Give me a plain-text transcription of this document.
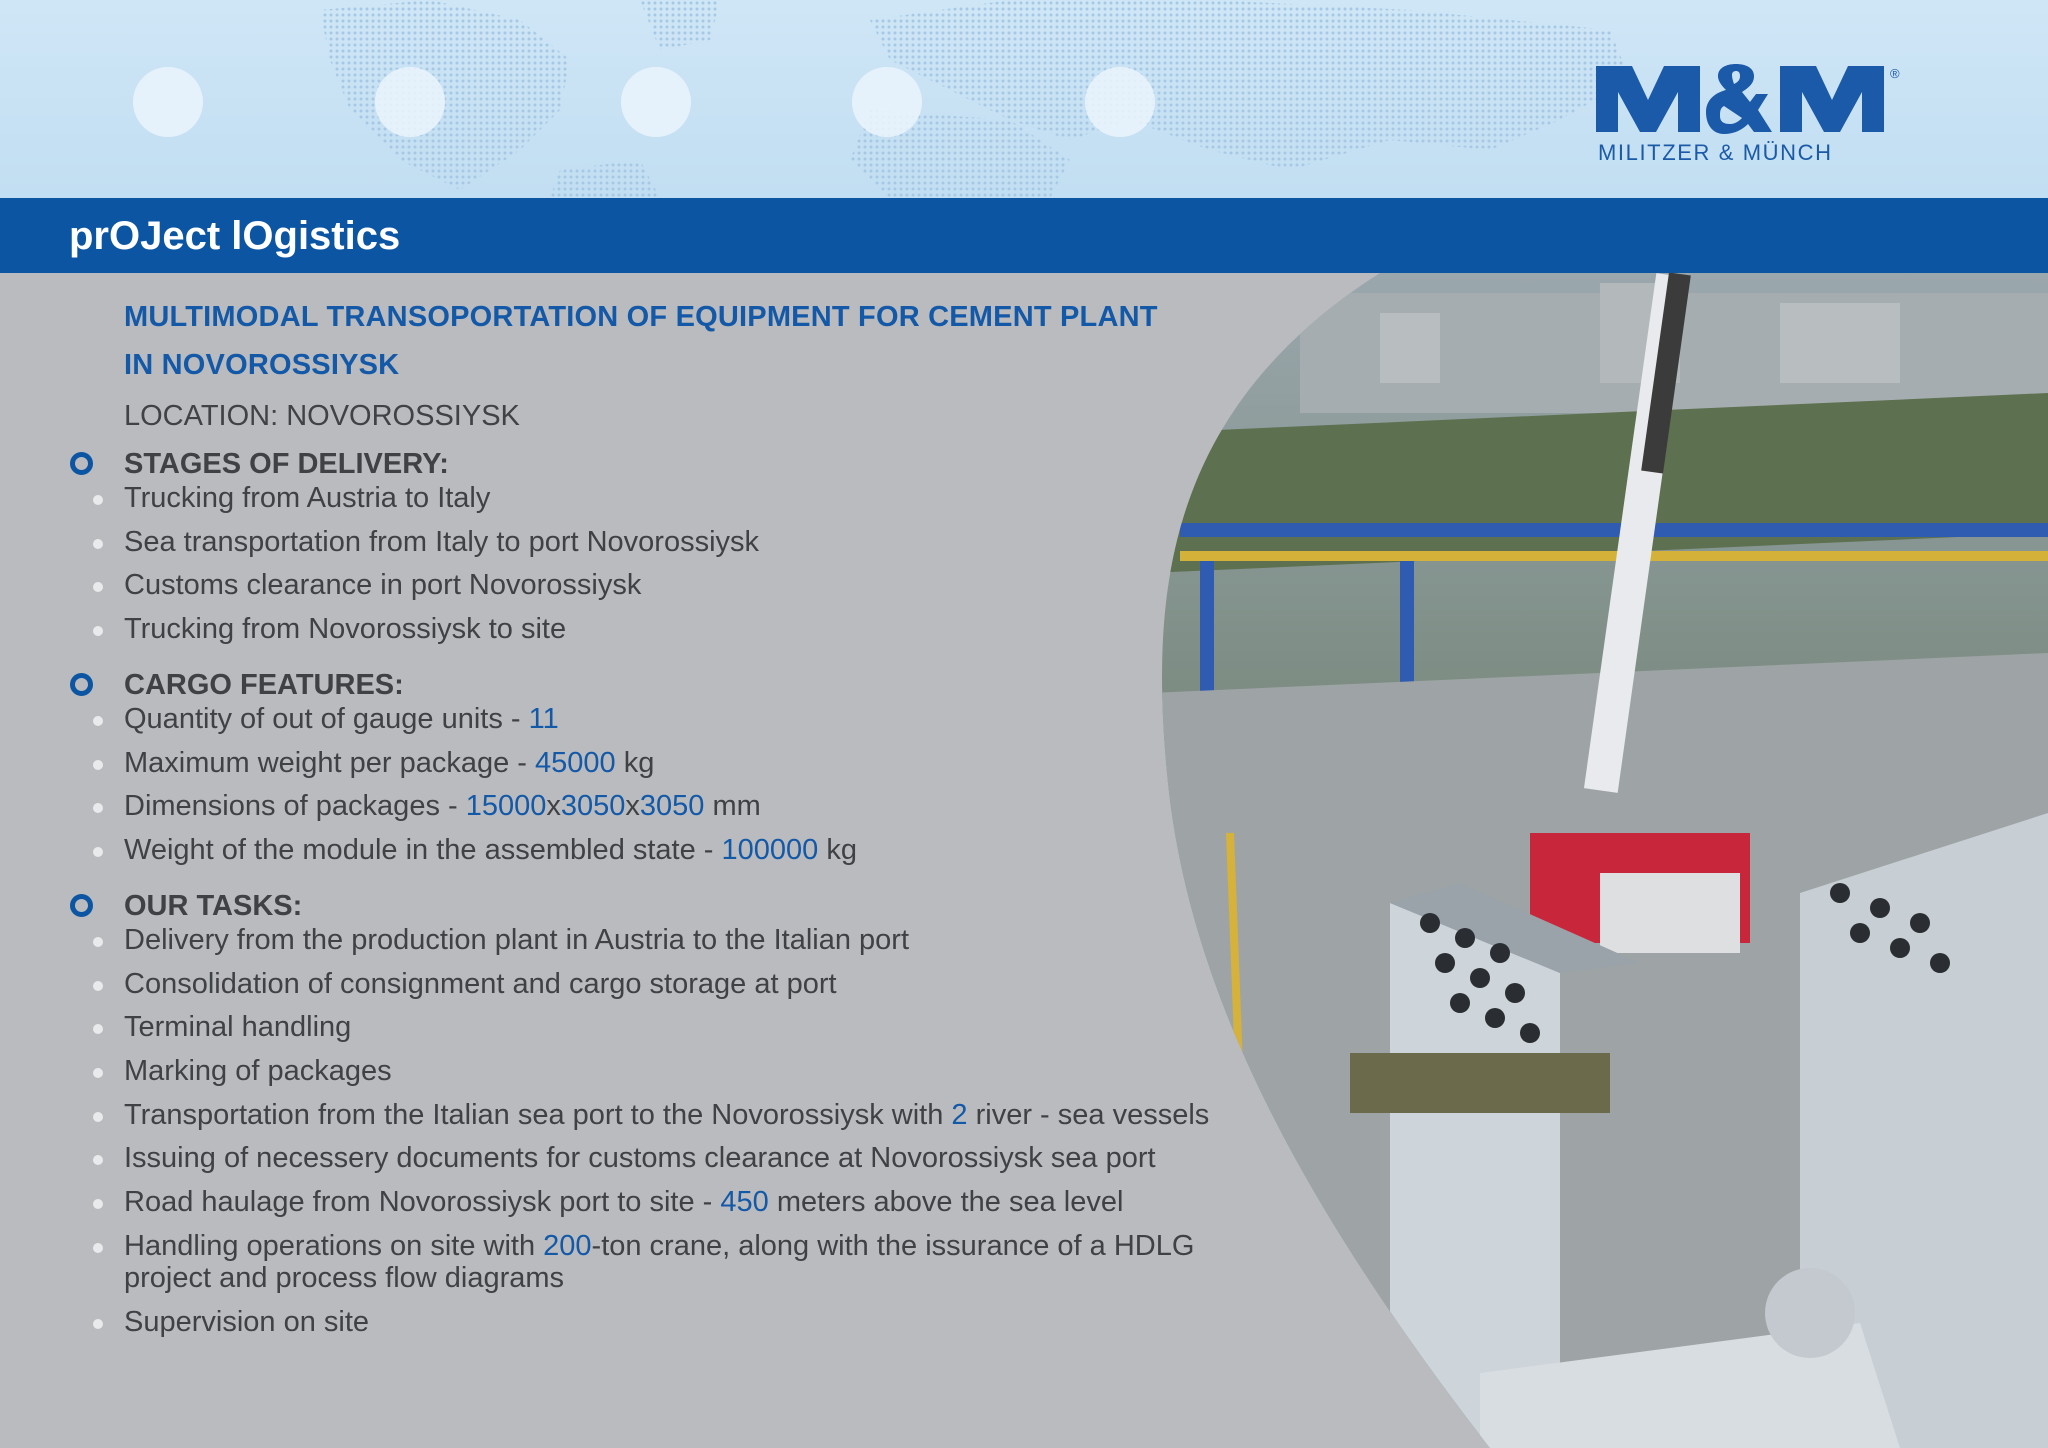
®
MILITZER & MÜNCH
prOJect lOgistics
MULTIMODAL TRANSOPORTATION OF EQUIPMENT FOR CEMENT PLANT
IN NOVOROSSIYSK
LOCATION: NOVOROSSIYSK
STAGES OF DELIVERY:
Trucking from Austria to Italy
Sea transportation from Italy to port Novorossiysk
Customs clearance in port Novorossiysk
Trucking from Novorossiysk to site
CARGO FEATURES:
Quantity of out of gauge units - 11
Maximum weight per package - 45000 kg
Dimensions of packages - 15000x3050x3050 mm
Weight of the module in the assembled state - 100000 kg
OUR TASKS:
Delivery from the production plant in Austria to the Italian port
Consolidation of consignment and cargo storage at port
Terminal handling
Marking of packages
Transportation from the Italian sea port to the Novorossiysk with 2 river - sea vessels
Issuing of necessery documents for customs clearance at Novorossiysk sea port
Road haulage from Novorossiysk port to site - 450 meters above the sea level
Handling operations on site with 200-ton crane, along with the issurance of a HDLG project and process flow diagrams
Supervision on site
